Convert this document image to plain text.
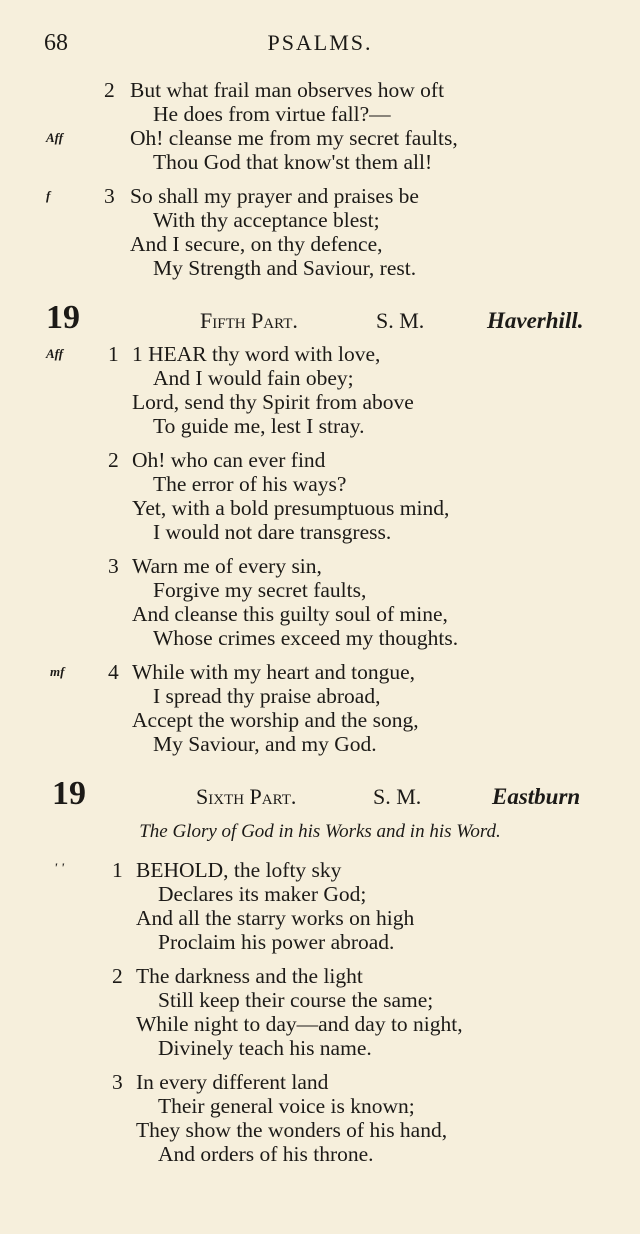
68	PSALMS.
2 But what frail man observes how oft
He does from virtue fall?—
Aff	Oh! cleanse me from my secret faults,
Thou God that know'st them all!
f 3 So shall my prayer and praises be
With thy acceptance blest;
And I secure, on thy defence,
My Strength and Saviour, rest.
19	Fifth Part.	S. M.	Haverhill.
Aff 1 1 HEAR thy word with love,
And I would fain obey;
Lord, send thy Spirit from above
To guide me, lest I stray.
2 Oh! who can ever find
The error of his ways?
Yet, with a bold presumptuous mind,
I would not dare transgress.
3 Warn me of every sin,
Forgive my secret faults,
And cleanse this guilty soul of mine,
Whose crimes exceed my thoughts.
mf 4 While with my heart and tongue,
I spread thy praise abroad,
Accept the worship and the song,
My Saviour, and my God.
19	Sixth Part.	S. M.	Eastburn
The Glory of God in his Works and in his Word.
' ' 1 BEHOLD, the lofty sky
Declares its maker God;
And all the starry works on high
Proclaim his power abroad.
2 The darkness and the light
Still keep their course the same;
While night to day—and day to night,
Divinely teach his name.
3 In every different land
Their general voice is known;
They show the wonders of his hand,
And orders of his throne.
